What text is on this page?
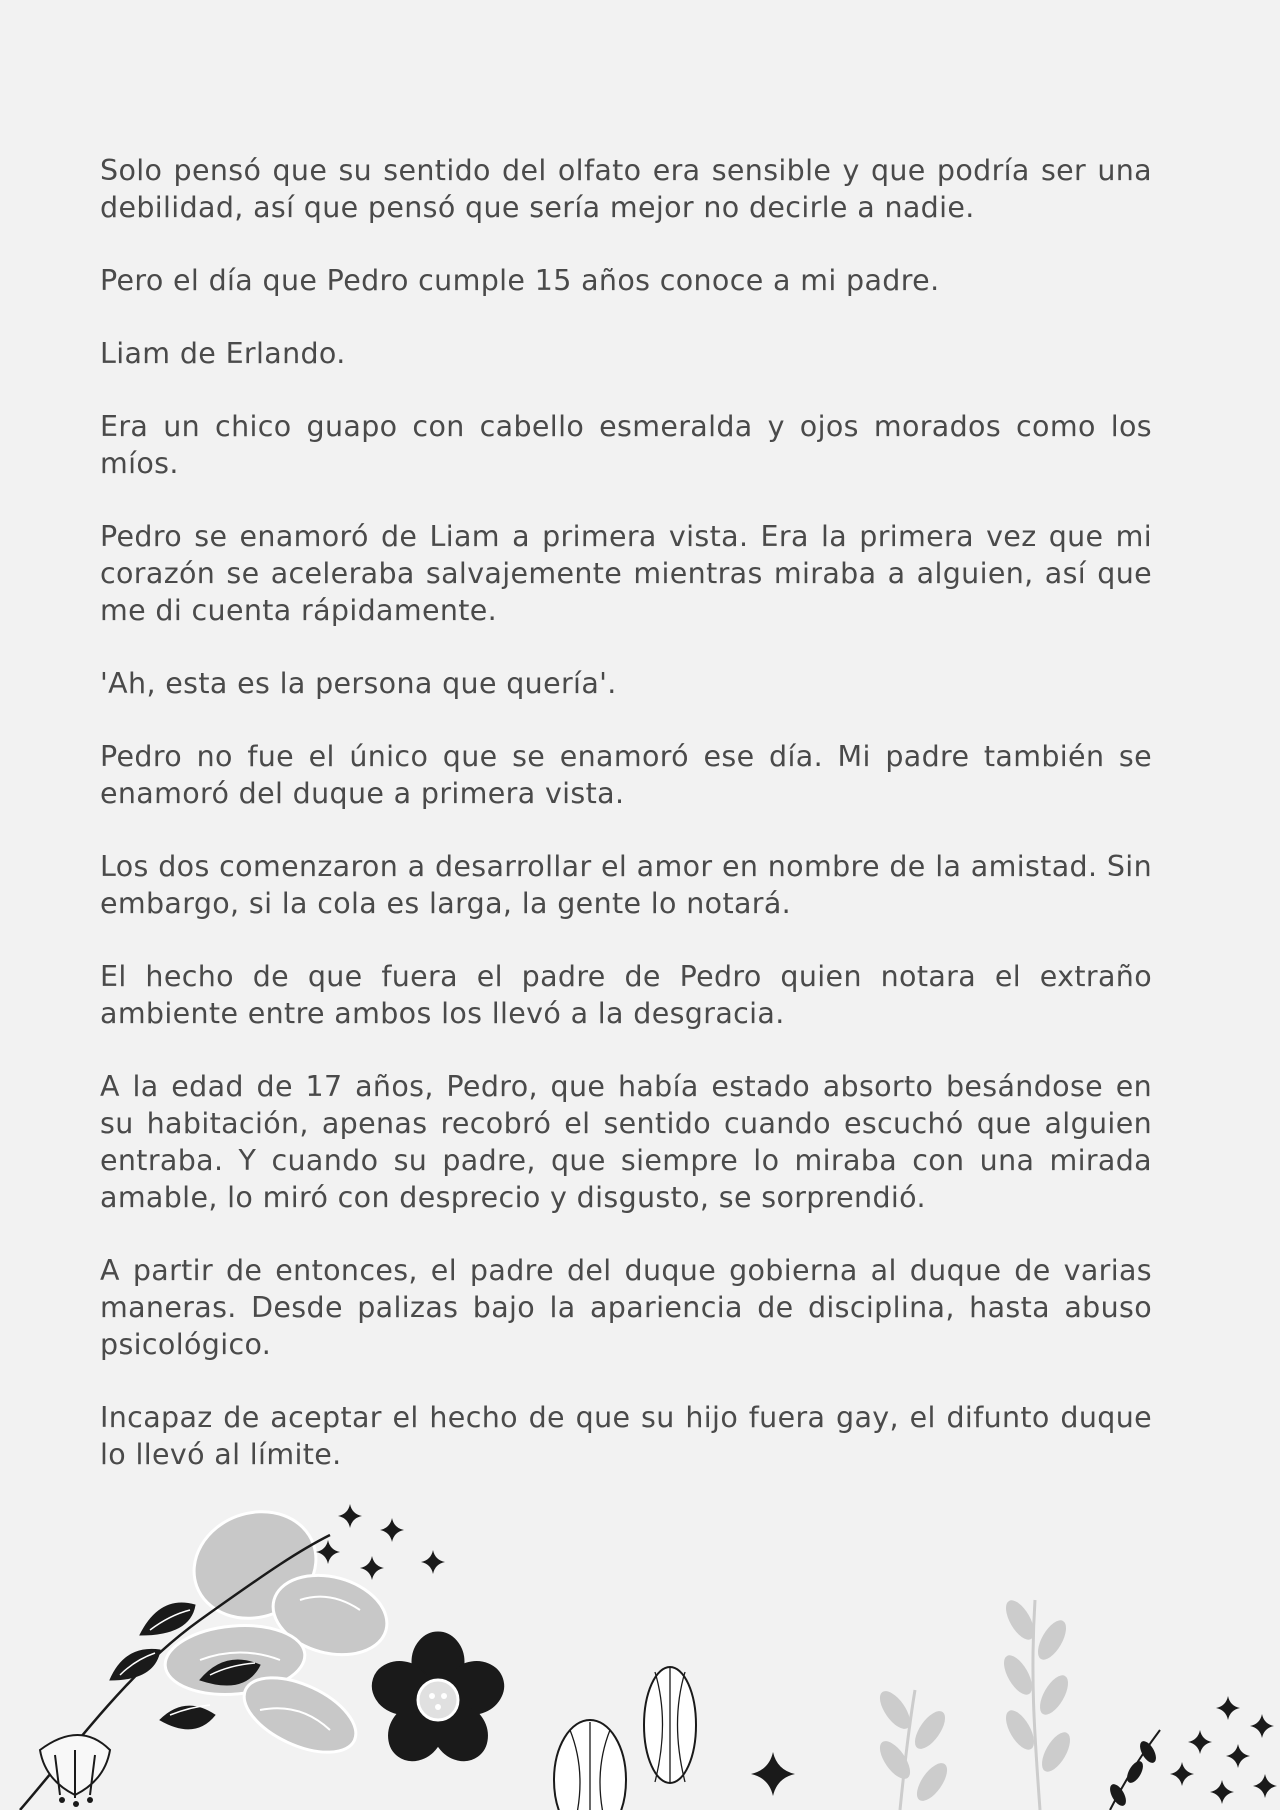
Solo pensó que su sentido del olfato era sensible y que podría ser una debilidad, así que pensó que sería mejor no decirle a nadie.

Pero el día que Pedro cumple 15 años conoce a mi padre.

Liam de Erlando.

Era un chico guapo con cabello esmeralda y ojos morados como los míos.

Pedro se enamoró de Liam a primera vista. Era la primera vez que mi corazón se aceleraba salvajemente mientras miraba a alguien, así que me di cuenta rápidamente.

'Ah, esta es la persona que quería'.

Pedro no fue el único que se enamoró ese día. Mi padre también se enamoró del duque a primera vista.

Los dos comenzaron a desarrollar el amor en nombre de la amistad. Sin embargo, si la cola es larga, la gente lo notará.

El hecho de que fuera el padre de Pedro quien notara el extraño ambiente entre ambos los llevó a la desgracia.

A la edad de 17 años, Pedro, que había estado absorto besándose en su habitación, apenas recobró el sentido cuando escuchó que alguien entraba. Y cuando su padre, que siempre lo miraba con una mirada amable, lo miró con desprecio y disgusto, se sorprendió.

A partir de entonces, el padre del duque gobierna al duque de varias maneras. Desde palizas bajo la apariencia de disciplina, hasta abuso psicológico.

Incapaz de aceptar el hecho de que su hijo fuera gay, el difunto duque lo llevó al límite.
